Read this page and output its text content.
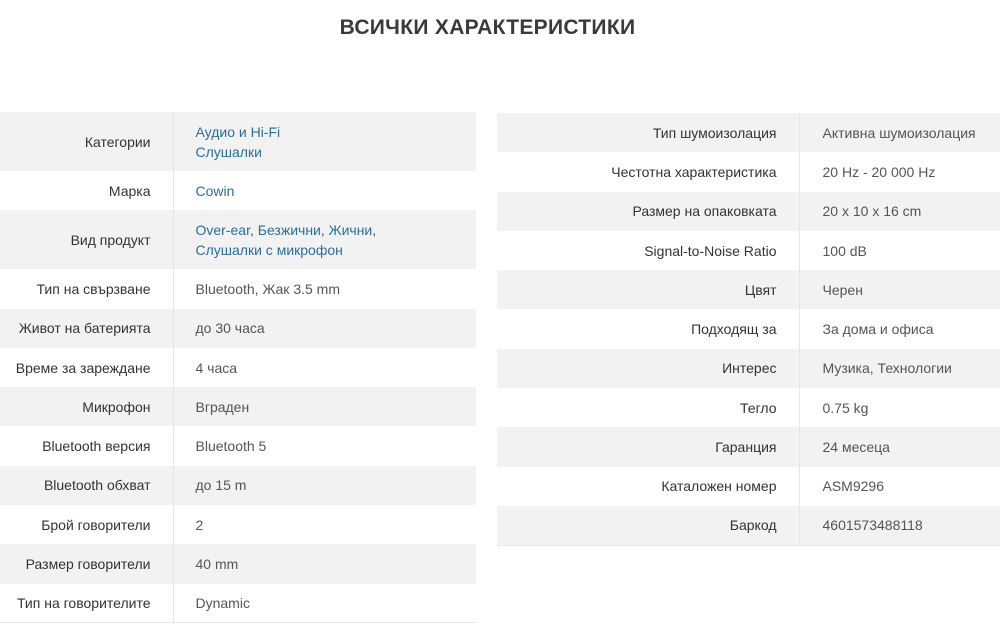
ВСИЧКИ ХАРАКТЕРИСТИКИ
Категории	Аудио и Hi-Fi
Слушалки
Марка	Cowin
Вид продукт	Over-ear, Безжични, Жични,
Слушалки с микрофон
Тип на свързване	Bluetooth, Жак 3.5 mm
Живот на батерията	до 30 часа
Време за зареждане	4 часа
Микрофон	Вграден
Bluetooth версия	Bluetooth 5
Bluetooth обхват	до 15 m
Брой говорители	2
Размер говорители	40 mm
Тип на говорителите	Dynamic
Тип шумоизолация	Активна шумоизолация
Честотна характеристика	20 Hz - 20 000 Hz
Размер на опаковката	20 x 10 x 16 cm
Signal-to-Noise Ratio	100 dB
Цвят	Черен
Подходящ за	За дома и офиса
Интерес	Музика, Технологии
Тегло	0.75 kg
Гаранция	24 месеца
Каталожен номер	ASM9296
Баркод	4601573488118
